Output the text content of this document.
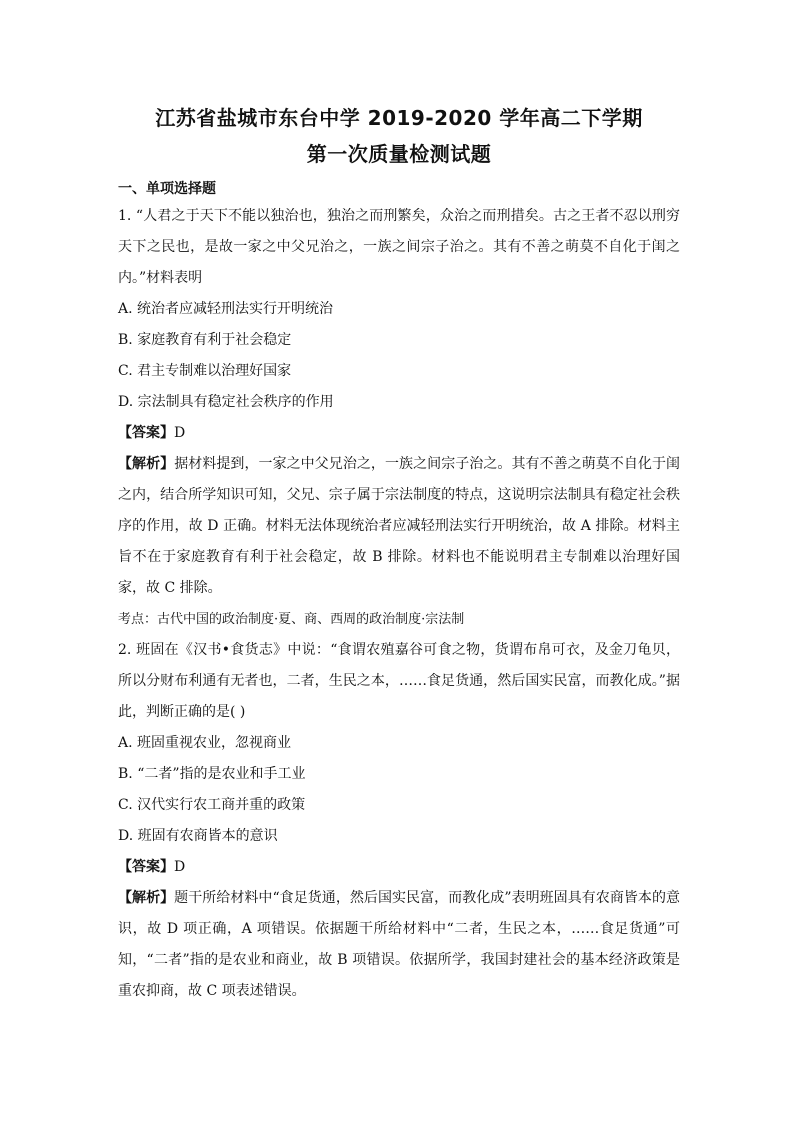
江苏省盐城市东台中学 2019-2020 学年高二下学期
第一次质量检测试题
一、单项选择题
1. “人君之于天下不能以独治也，独治之而刑繁矣，众治之而刑措矣。古之王者不忍以刑穷天下之民也，是故一家之中父兄治之，一族之间宗子治之。其有不善之萌莫不自化于闺之内。”材料表明
A. 统治者应减轻刑法实行开明统治
B. 家庭教育有利于社会稳定
C. 君主专制难以治理好国家
D. 宗法制具有稳定社会秩序的作用
【答案】D
【解析】据材料提到，一家之中父兄治之，一族之间宗子治之。其有不善之萌莫不自化于闺之内，结合所学知识可知，父兄、宗子属于宗法制度的特点，这说明宗法制具有稳定社会秩序的作用，故 D 正确。材料无法体现统治者应减轻刑法实行开明统治，故 A 排除。材料主旨不在于家庭教育有利于社会稳定，故 B 排除。材料也不能说明君主专制难以治理好国家，故 C 排除。
考点：古代中国的政治制度·夏、商、西周的政治制度·宗法制
2. 班固在《汉书•食货志》中说：“食谓农殖嘉谷可食之物，货谓布帛可衣，及金刀龟贝，所以分财布利通有无者也，二者，生民之本，……食足货通，然后国实民富，而教化成。”据此，判断正确的是( )
A. 班固重视农业，忽视商业
B. “二者”指的是农业和手工业
C. 汉代实行农工商并重的政策
D. 班固有农商皆本的意识
【答案】D
【解析】题干所给材料中“食足货通，然后国实民富，而教化成”表明班固具有农商皆本的意识，故 D 项正确，A 项错误。依据题干所给材料中“二者，生民之本，……食足货通”可知，“二者”指的是农业和商业，故 B 项错误。依据所学，我国封建社会的基本经济政策是重农抑商，故 C 项表述错误。
